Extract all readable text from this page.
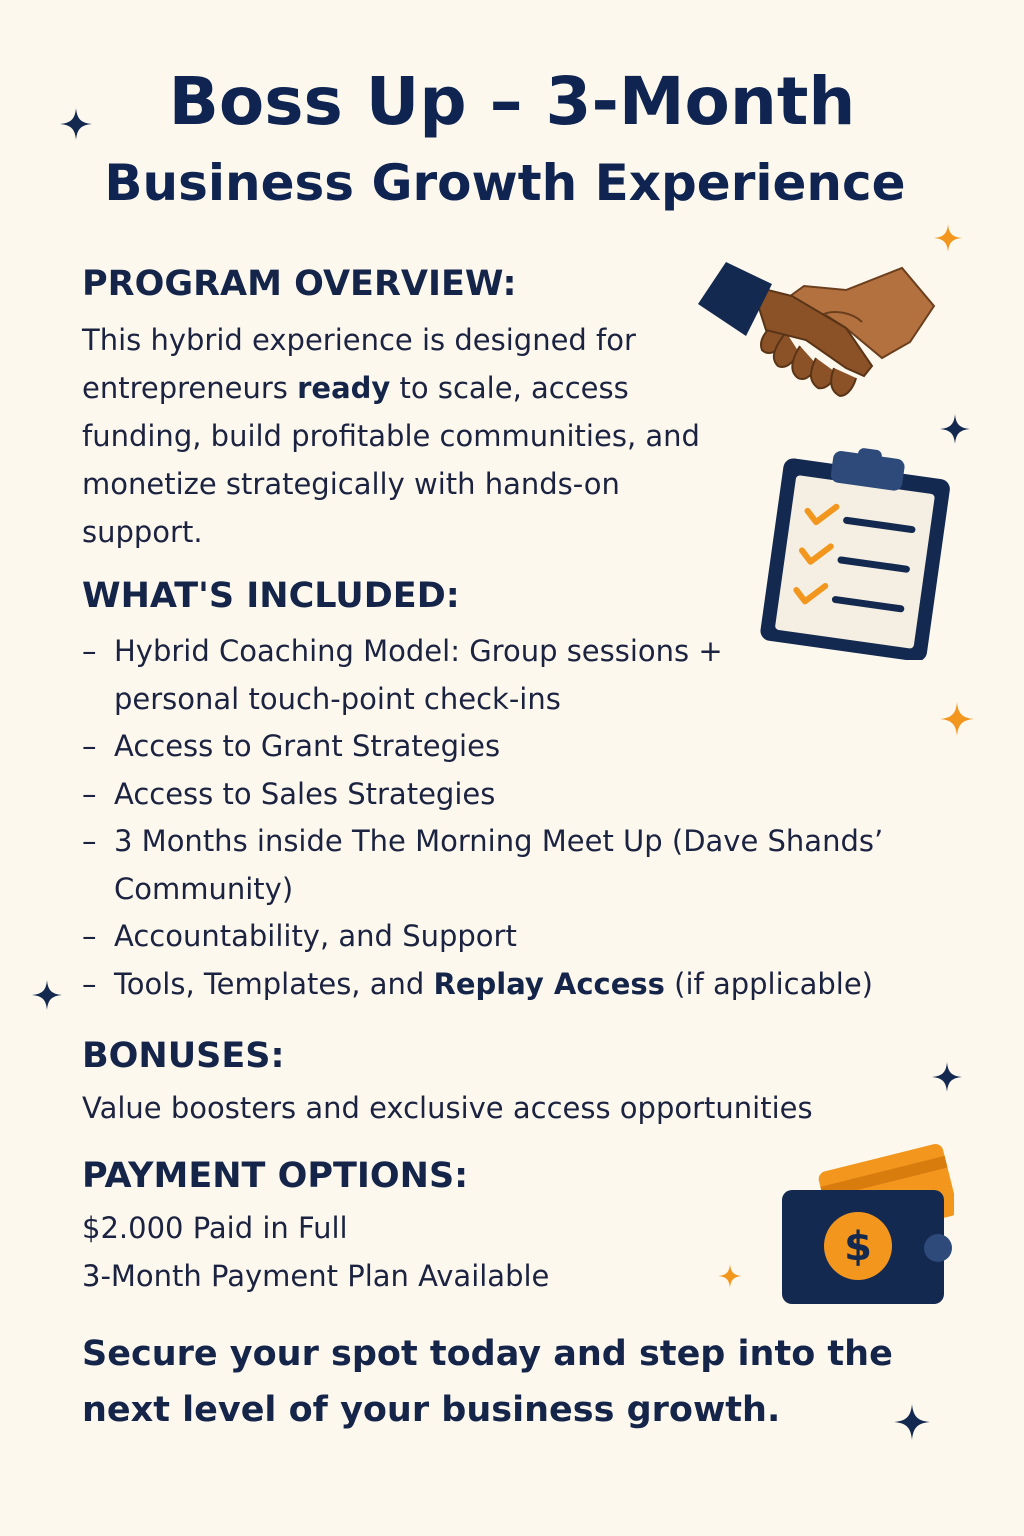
Boss Up – 3-Month
Business Growth Experience
PROGRAM OVERVIEW:
This hybrid experience is designed for
entrepreneurs ready to scale, access
funding, build profitable communities, and
monetize strategically with hands-on
support.
WHAT'S INCLUDED:
– Hybrid Coaching Model: Group sessions +
personal touch-point check-ins
– Access to Grant Strategies
– Access to Sales Strategies
– 3 Months inside The Morning Meet Up (Dave Shands’
Community)
– Accountability, and Support
– Tools, Templates, and Replay Access (if applicable)
BONUSES:
Value boosters and exclusive access opportunities
PAYMENT OPTIONS:
$2.000 Paid in Full
3-Month Payment Plan Available
Secure your spot today and step into the
next level of your business growth.
$
